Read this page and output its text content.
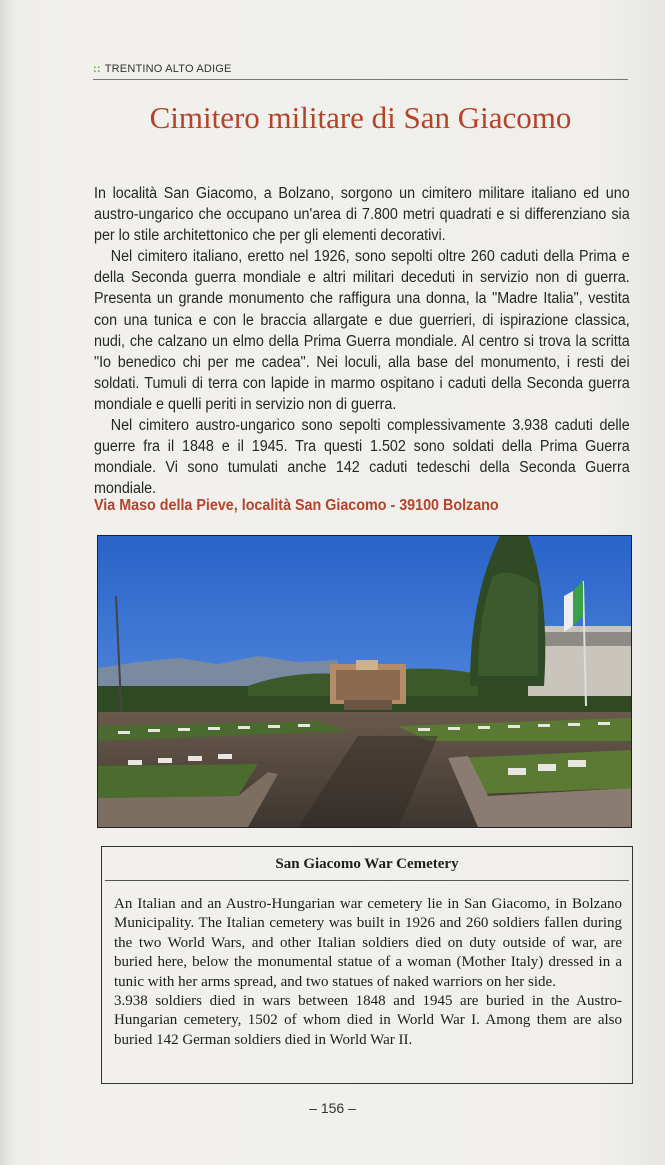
:: TRENTINO ALTO ADIGE
Cimitero militare di San Giacomo

In località San Giacomo, a Bolzano, sorgono un cimitero militare italiano ed uno austro-ungarico che occupano un'area di 7.800 metri quadrati e si differenziano sia per lo stile architettonico che per gli elementi decorativi.

Nel cimitero italiano, eretto nel 1926, sono sepolti oltre 260 caduti della Prima e della Seconda guerra mondiale e altri militari deceduti in servizio non di guerra. Presenta un grande monumento che raffigura una donna, la "Madre Italia", vestita con una tunica e con le braccia allargate e due guerrieri, di ispirazione classica, nudi, che calzano un elmo della Prima Guerra mondiale. Al centro si trova la scritta "Io benedico chi per me cadea". Nei loculi, alla base del monumento, i resti dei soldati. Tumuli di terra con lapide in marmo ospitano i caduti della Seconda guerra mondiale e quelli periti in servizio non di guerra.

Nel cimitero austro-ungarico sono sepolti complessivamente 3.938 caduti delle guerre fra il 1848 e il 1945. Tra questi 1.502 sono soldati della Prima Guerra mondiale. Vi sono tumulati anche 142 caduti tedeschi della Seconda Guerra mondiale.

Via Maso della Pieve, località San Giacomo - 39100 Bolzano
San Giacomo War Cemetery

An Italian and an Austro-Hungarian war cemetery lie in San Giacomo, in Bolzano Municipality. The Italian cemetery was built in 1926 and 260 soldiers fallen during the two World Wars, and other Italian soldiers died on duty outside of war, are buried here, below the monumental statue of a woman (Mother Italy) dressed in a tunic with her arms spread, and two statues of naked warriors on her side.

3.938 soldiers died in wars between 1848 and 1945 are buried in the Austro-Hungarian cemetery, 1502 of whom died in World War I. Among them are also buried 142 German soldiers died in World War II.

– 156 –
